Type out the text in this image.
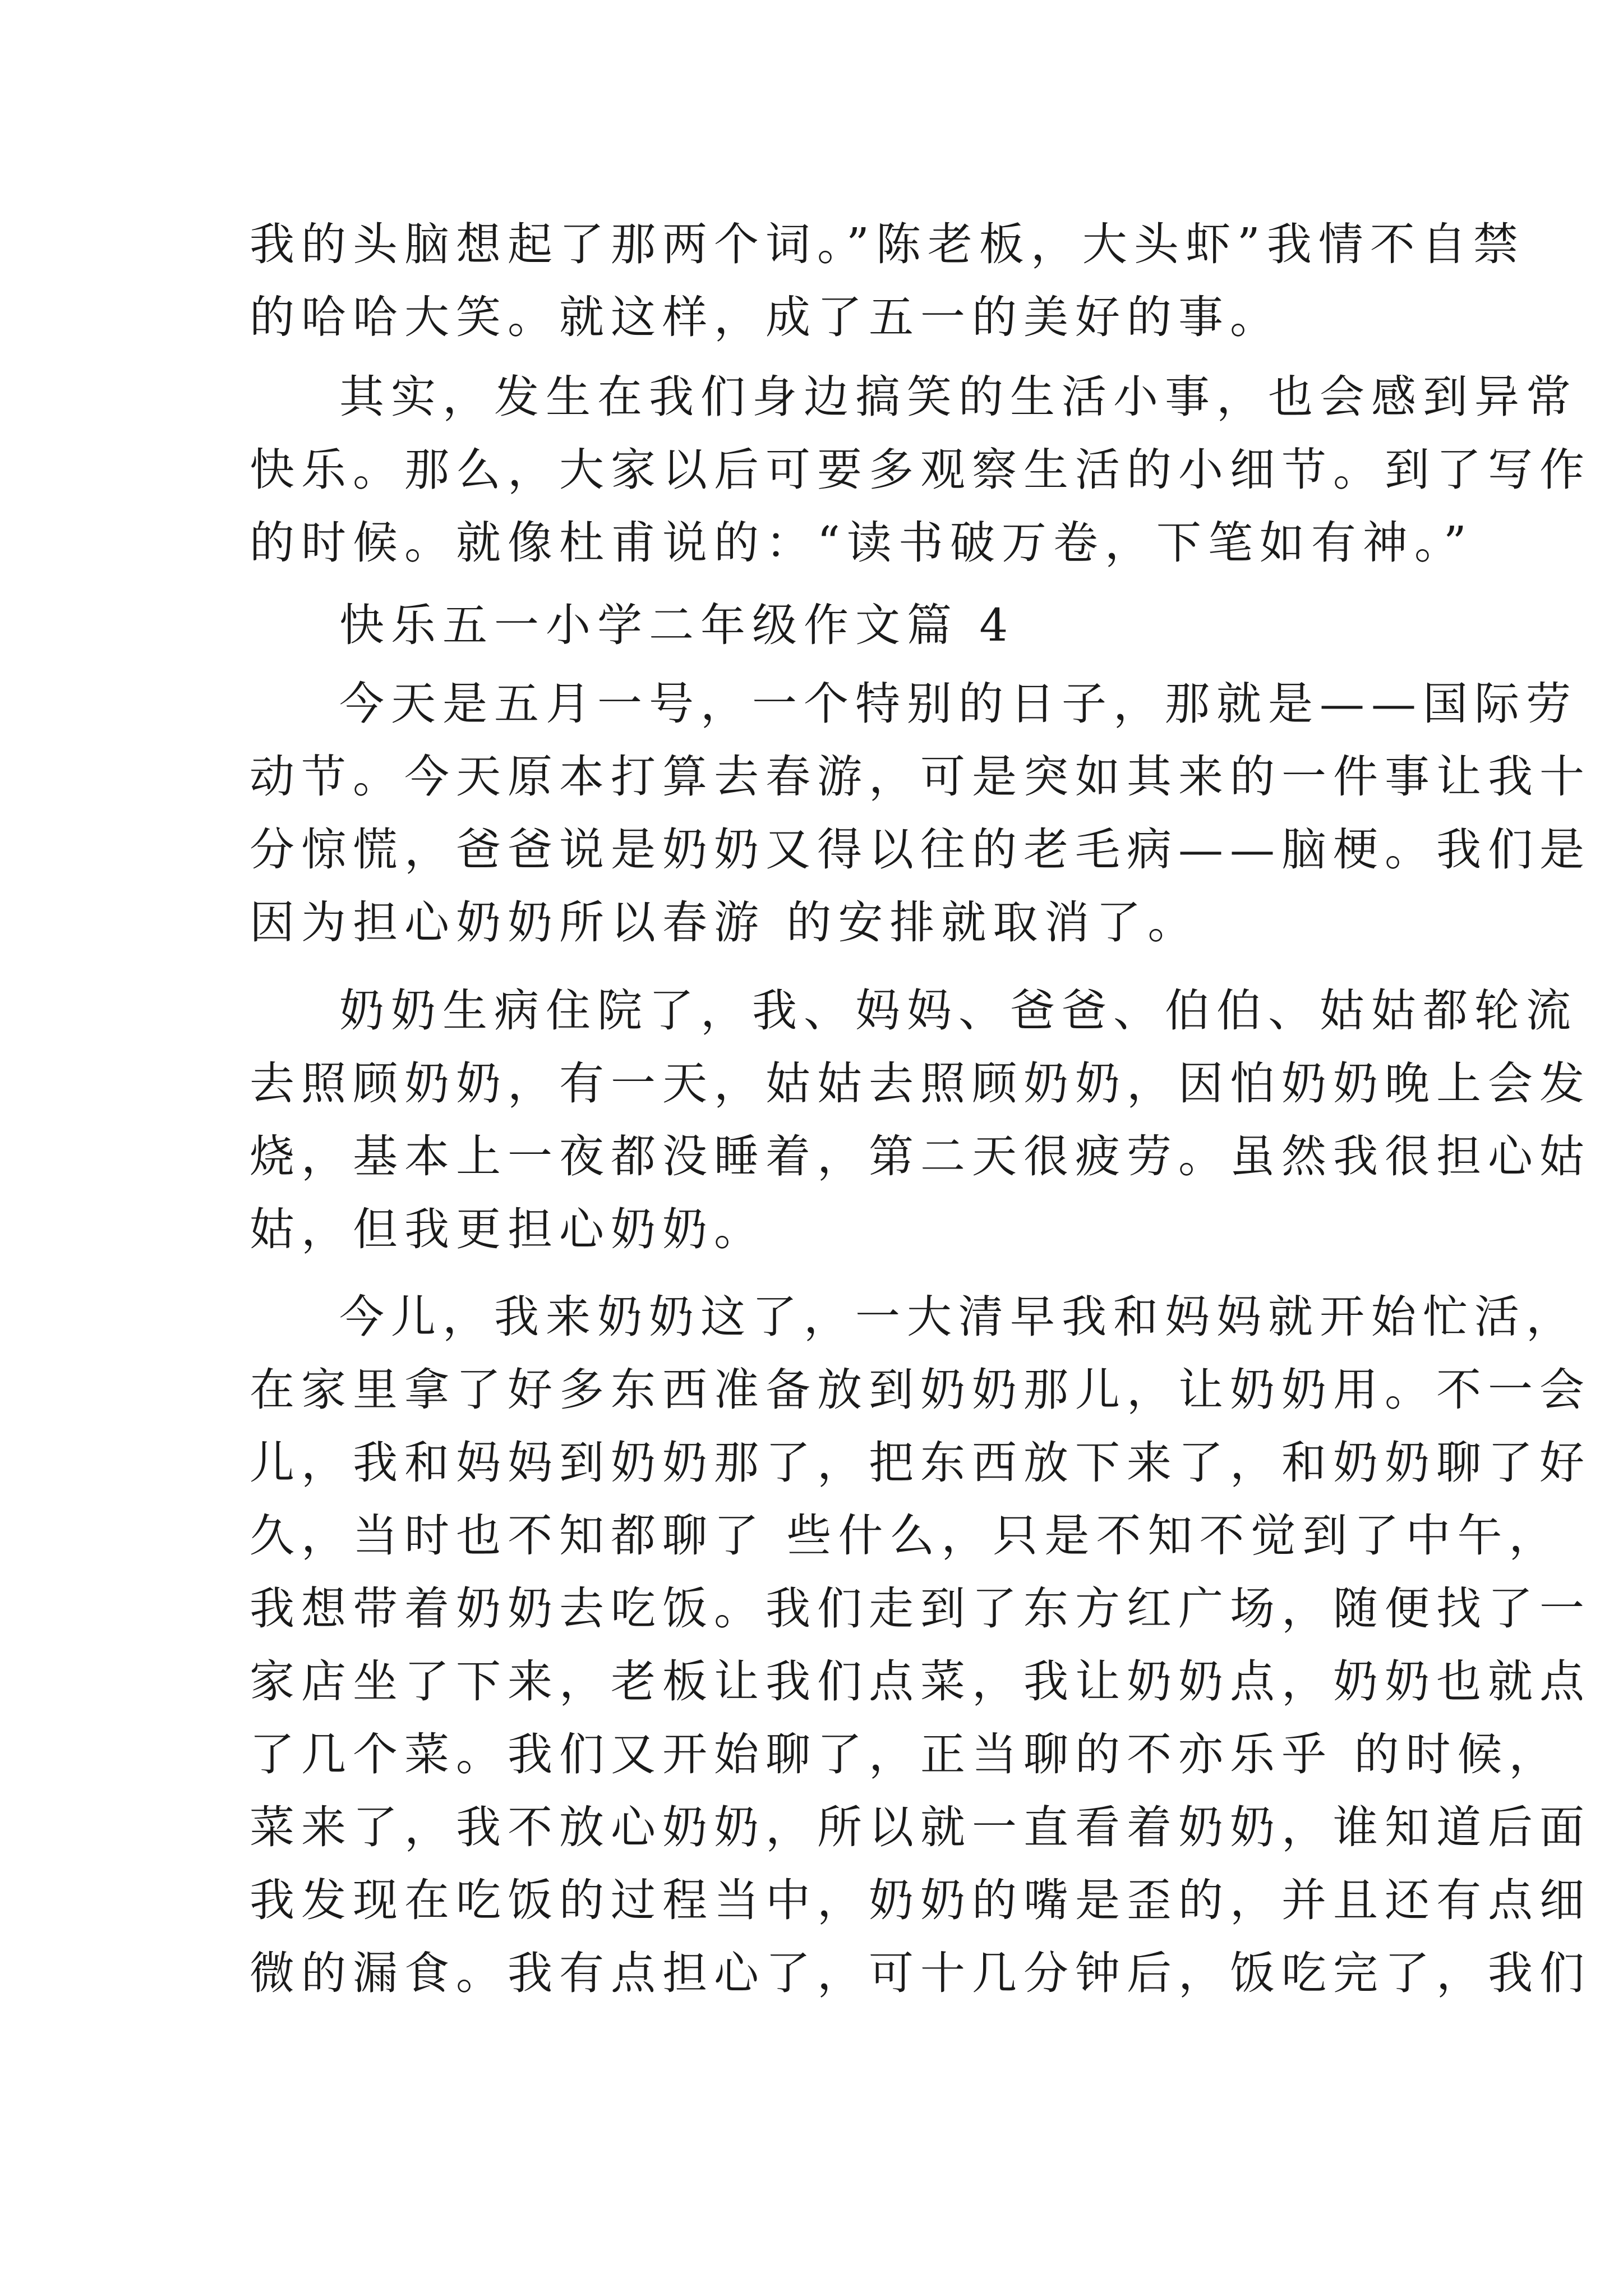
我的头脑想起了那两个词。”陈老板，大头虾”我情不自禁
的哈哈大笑。就这样，成了五一的美好的事。
其实，发生在我们身边搞笑的生活小事，也会感到异常
快乐。那么，大家以后可要多观察生活的小细节。到了写作
的时候。就像杜甫说的：“读书破万卷，下笔如有神。”
快乐五一小学二年级作文篇 4
今天是五月一号，一个特别的日子，那就是——国际劳
动节。今天原本打算去春游，可是突如其来的一件事让我十
分惊慌，爸爸说是奶奶又得以往的老毛病——脑梗。我们是
因为担心奶奶所以春游 的安排就取消了。
奶奶生病住院了，我、妈妈、爸爸、伯伯、姑姑都轮流
去照顾奶奶，有一天，姑姑去照顾奶奶，因怕奶奶晚上会发
烧，基本上一夜都没睡着，第二天很疲劳。虽然我很担心姑
姑，但我更担心奶奶。
今儿，我来奶奶这了，一大清早我和妈妈就开始忙活，
在家里拿了好多东西准备放到奶奶那儿，让奶奶用。不一会
儿，我和妈妈到奶奶那了，把东西放下来了，和奶奶聊了好
久，当时也不知都聊了 些什么，只是不知不觉到了中午，
我想带着奶奶去吃饭。我们走到了东方红广场，随便找了一
家店坐了下来，老板让我们点菜，我让奶奶点，奶奶也就点
了几个菜。我们又开始聊了，正当聊的不亦乐乎 的时候，
菜来了，我不放心奶奶，所以就一直看着奶奶，谁知道后面
我发现在吃饭的过程当中，奶奶的嘴是歪的，并且还有点细
微的漏食。我有点担心了，可十几分钟后，饭吃完了，我们
